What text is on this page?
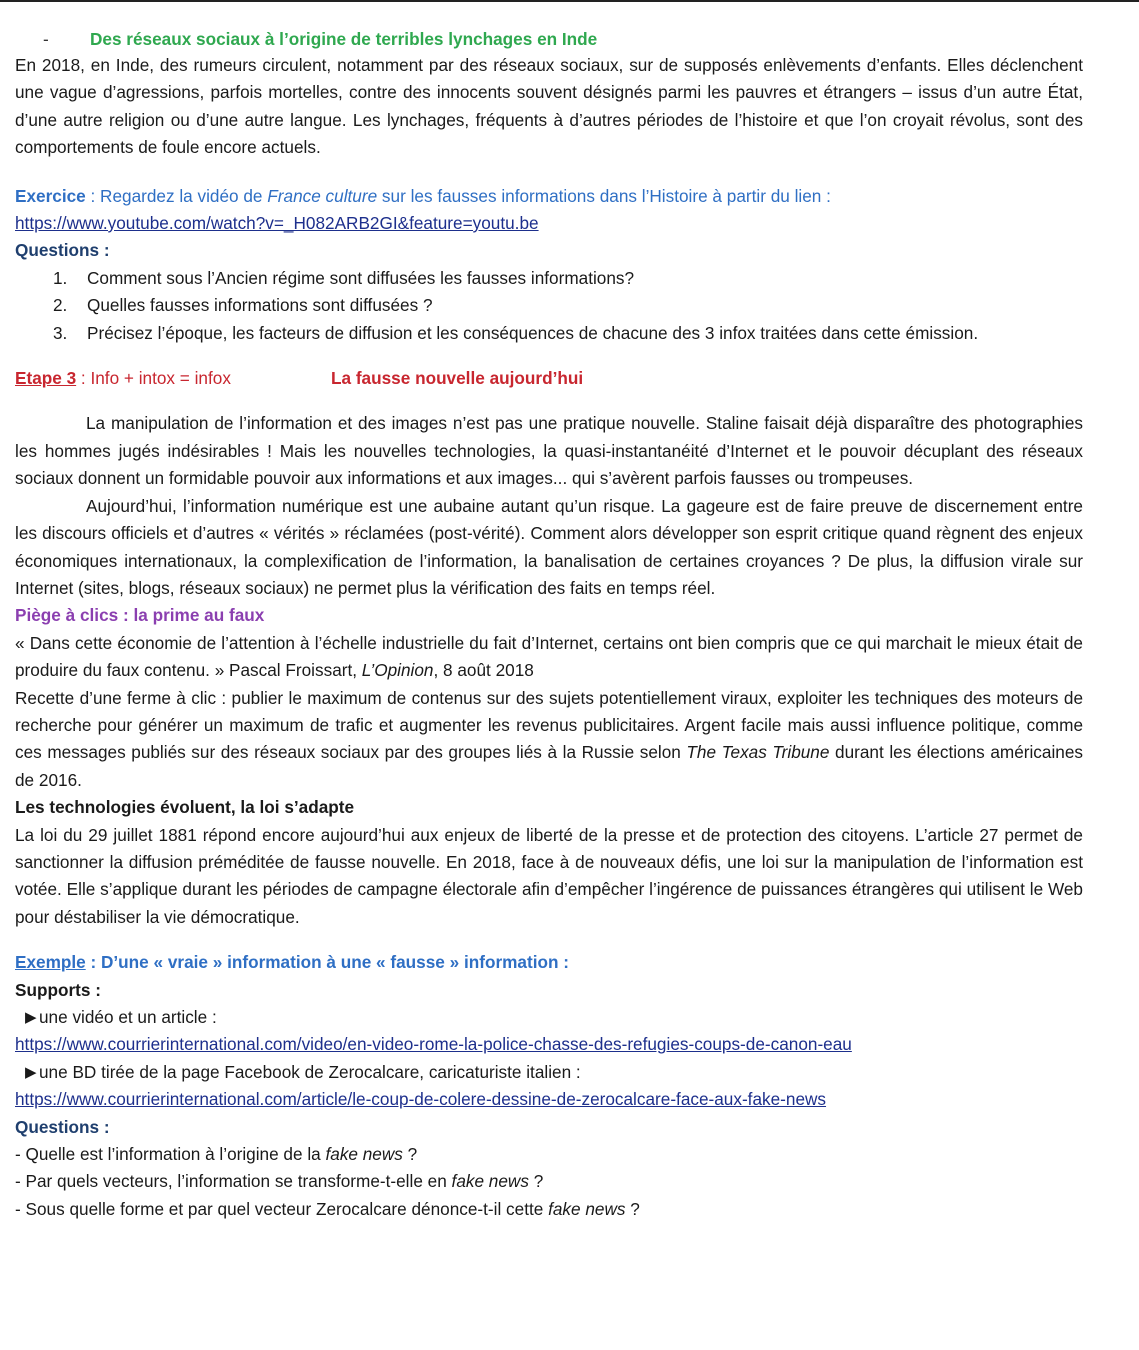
- Des réseaux sociaux à l’origine de terribles lynchages en Inde

En 2018, en Inde, des rumeurs circulent, notamment par des réseaux sociaux, sur de supposés enlèvements d’enfants. Elles déclenchent une vague d’agressions, parfois mortelles, contre des innocents souvent désignés parmi les pauvres et étrangers – issus d’un autre État, d’une autre religion ou d’une autre langue. Les lynchages, fréquents à d’autres périodes de l’histoire et que l’on croyait révolus, sont des comportements de foule encore actuels.

Exercice : Regardez la vidéo de France culture sur les fausses informations dans l’Histoire à partir du lien :

https://www.youtube.com/watch?v=_H082ARB2GI&feature=youtu.be

Questions :

1. Comment sous l’Ancien régime sont diffusées les fausses informations?
2. Quelles fausses informations sont diffusées ?
3. Précisez l’époque, les facteurs de diffusion et les conséquences de chacune des 3 infox traitées dans cette émission.
Etape 3 : Info + intox = infox	La fausse nouvelle aujourd’hui

La manipulation de l’information et des images n’est pas une pratique nouvelle. Staline faisait déjà disparaître des photographies les hommes jugés indésirables ! Mais les nouvelles technologies, la quasi-instantanéité d’Internet et le pouvoir décuplant des réseaux sociaux donnent un formidable pouvoir aux informations et aux images... qui s’avèrent parfois fausses ou trompeuses.

Aujourd’hui, l’information numérique est une aubaine autant qu’un risque. La gageure est de faire preuve de discernement entre les discours officiels et d’autres « vérités » réclamées (post-vérité). Comment alors développer son esprit critique quand règnent des enjeux économiques internationaux, la complexification de l’information, la banalisation de certaines croyances ? De plus, la diffusion virale sur Internet (sites, blogs, réseaux sociaux) ne permet plus la vérification des faits en temps réel.

Piège à clics : la prime au faux

« Dans cette économie de l’attention à l’échelle industrielle du fait d’Internet, certains ont bien compris que ce qui marchait le mieux était de produire du faux contenu. » Pascal Froissart, L’Opinion, 8 août 2018

Recette d’une ferme à clic : publier le maximum de contenus sur des sujets potentiellement viraux, exploiter les techniques des moteurs de recherche pour générer un maximum de trafic et augmenter les revenus publicitaires. Argent facile mais aussi influence politique, comme ces messages publiés sur des réseaux sociaux par des groupes liés à la Russie selon The Texas Tribune durant les élections américaines de 2016.

Les technologies évoluent, la loi s’adapte

La loi du 29 juillet 1881 répond encore aujourd’hui aux enjeux de liberté de la presse et de protection des citoyens. L’article 27 permet de sanctionner la diffusion préméditée de fausse nouvelle. En 2018, face à de nouveaux défis, une loi sur la manipulation de l’information est votée. Elle s’applique durant les périodes de campagne électorale afin d’empêcher l’ingérence de puissances étrangères qui utilisent le Web pour déstabiliser la vie démocratique.

Exemple : D’une « vraie » information à une « fausse » information :

Supports :

▶ une vidéo et un article :

https://www.courrierinternational.com/video/en-video-rome-la-police-chasse-des-refugies-coups-de-canon-eau

▶ une BD tirée de la page Facebook de Zerocalcare, caricaturiste italien :

https://www.courrierinternational.com/article/le-coup-de-colere-dessine-de-zerocalcare-face-aux-fake-news

Questions :

- Quelle est l’information à l’origine de la fake news ?

- Par quels vecteurs, l’information se transforme-t-elle en fake news ?

- Sous quelle forme et par quel vecteur Zerocalcare dénonce-t-il cette fake news ?
